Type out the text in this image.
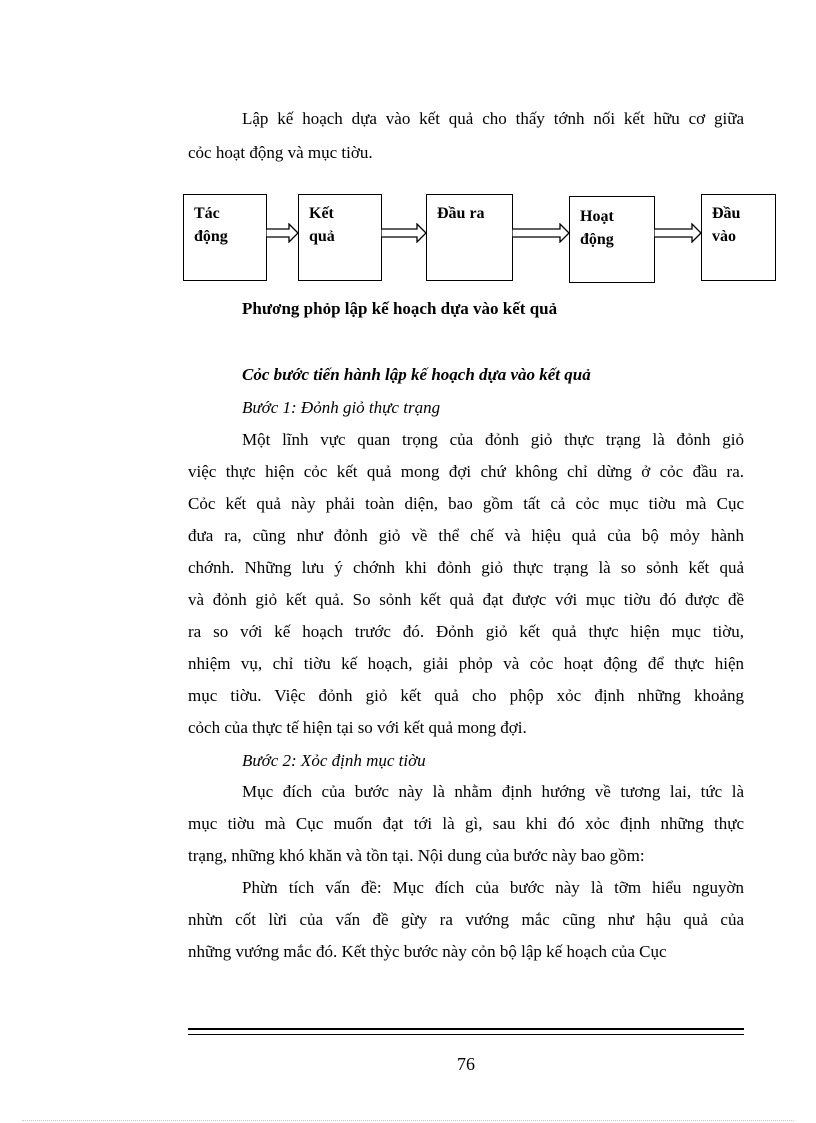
Lập kế hoạch dựa vào kết quả cho thấy tớnh nối kết hữu cơ giữa
cỏc hoạt động và mục tiờu.
Tác
động
Kết
quả
Đầu ra	Hoạt
động
Đầu
vào
Phương phỏp lập kế hoạch dựa vào kết quả
Cỏc bước tiến hành lập kế hoạch dựa vào kết quả
Bước 1: Đỏnh giỏ thực trạng
Một lĩnh vực quan trọng của đỏnh giỏ thực trạng là đỏnh giỏ
việc thực hiện cỏc kết quả mong đợi chứ không chỉ dừng ở cỏc đầu ra.
Cỏc kết quả này phải toàn diện, bao gồm tất cả cỏc mục tiờu mà Cục
đưa ra, cũng như đỏnh giỏ về thể chế và hiệu quả của bộ mỏy hành
chớnh. Những lưu ý chớnh khi đỏnh giỏ thực trạng là so sỏnh kết quả
và đỏnh giỏ kết quả. So sỏnh kết quả đạt được với mục tiờu đó được đề
ra so với kế hoạch trước đó. Đỏnh giỏ kết quả thực hiện mục tiờu,
nhiệm vụ, chỉ tiờu kế hoạch, giải phỏp và cỏc hoạt động để thực hiện
mục tiờu. Việc đỏnh giỏ kết quả cho phộp xỏc định những khoảng
cỏch của thực tế hiện tại so với kết quả mong đợi.
Bước 2: Xỏc định mục tiờu
Mục đích của bước này là nhằm định hướng về tương lai, tức là
mục tiờu mà Cục muốn đạt tới là gì, sau khi đó xỏc định những thực
trạng, những khó khăn và tồn tại. Nội dung của bước này bao gồm:
Phừn tích vấn đề: Mục đích của bước này là tỡm hiểu nguyờn
nhừn cốt lừi của vấn đề gừy ra vướng mắc cũng như hậu quả của
những vướng mắc đó. Kết thỳc bước này cỏn bộ lập kế hoạch của Cục
76
